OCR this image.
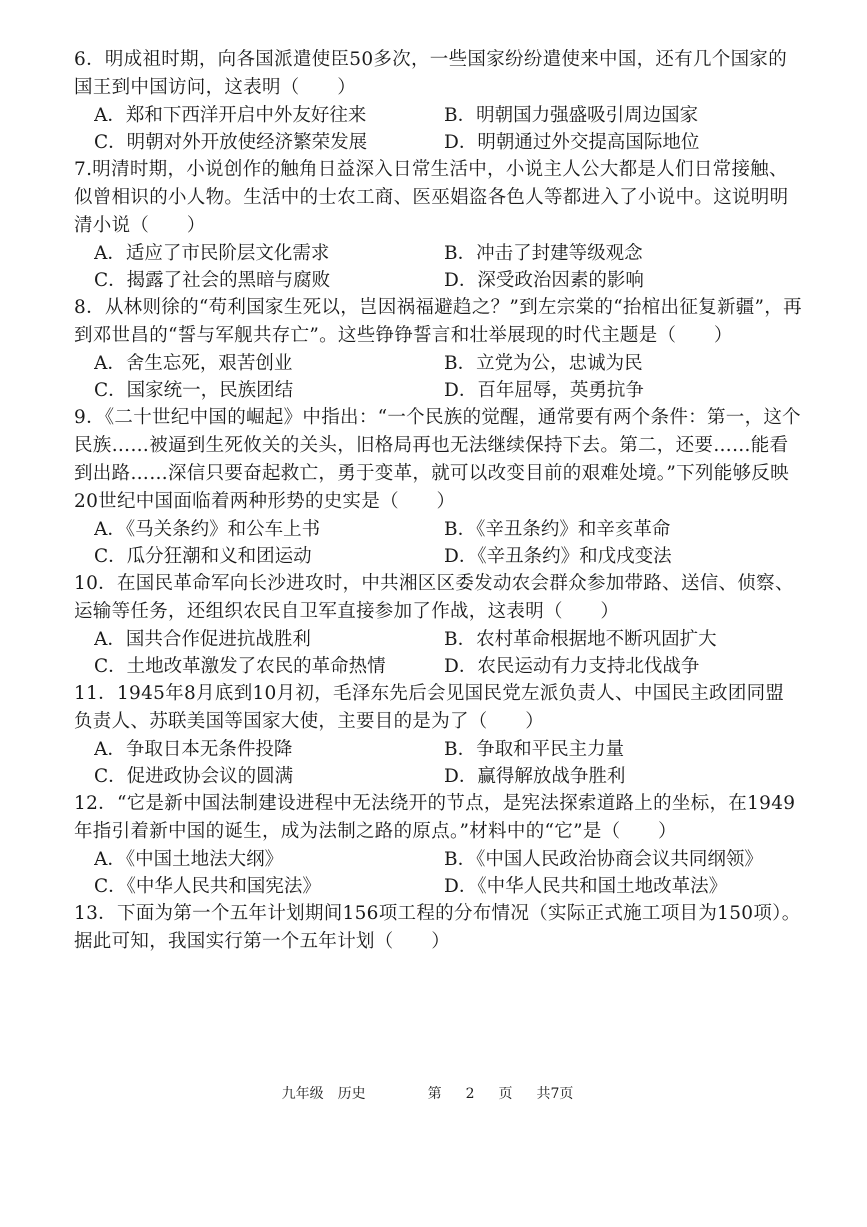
6．明成祖时期，向各国派遣使臣50多次，一些国家纷纷遣使来中国，还有几个国家的国王到中国访问，这表明（　　）
A．郑和下西洋开启中外友好往来	B．明朝国力强盛吸引周边国家
C．明朝对外开放使经济繁荣发展	D．明朝通过外交提高国际地位
7.明清时期，小说创作的触角日益深入日常生活中，小说主人公大都是人们日常接触、似曾相识的小人物。生活中的士农工商、医巫娼盗各色人等都进入了小说中。这说明明清小说（　　）
A．适应了市民阶层文化需求	B．冲击了封建等级观念
C．揭露了社会的黑暗与腐败	D．深受政治因素的影响
8．从林则徐的“苟利国家生死以，岂因祸福避趋之？”到左宗棠的“抬棺出征复新疆”，再到邓世昌的“誓与军舰共存亡”。这些铮铮誓言和壮举展现的时代主题是（　　）
A．舍生忘死，艰苦创业	B．立党为公，忠诚为民
C．国家统一，民族团结	D．百年屈辱，英勇抗争
9．《二十世纪中国的崛起》中指出：“一个民族的觉醒，通常要有两个条件：第一，这个民族……被逼到生死攸关的关头，旧格局再也无法继续保持下去。第二，还要……能看到出路……深信只要奋起救亡，勇于变革，就可以改变目前的艰难处境。”下列能够反映20世纪中国面临着两种形势的史实是（　　）
A．《马关条约》和公车上书	B．《辛丑条约》和辛亥革命
C．瓜分狂潮和义和团运动	D．《辛丑条约》和戊戌变法
10．在国民革命军向长沙进攻时，中共湘区区委发动农会群众参加带路、送信、侦察、运输等任务，还组织农民自卫军直接参加了作战，这表明（　　）
A．国共合作促进抗战胜利	B．农村革命根据地不断巩固扩大
C．土地改革激发了农民的革命热情	D．农民运动有力支持北伐战争
11．1945年8月底到10月初，毛泽东先后会见国民党左派负责人、中国民主政团同盟负责人、苏联美国等国家大使，主要目的是为了（　　）
A．争取日本无条件投降	B．争取和平民主力量
C．促进政协会议的圆满	D．赢得解放战争胜利
12．“它是新中国法制建设进程中无法绕开的节点，是宪法探索道路上的坐标，在1949年指引着新中国的诞生，成为法制之路的原点。”材料中的“它”是（　　）
A．《中国土地法大纲》	B．《中国人民政治协商会议共同纲领》
C．《中华人民共和国宪法》	D．《中华人民共和国土地改革法》
13．下面为第一个五年计划期间156项工程的分布情况（实际正式施工项目为150项）。据此可知，我国实行第一个五年计划（　　）
九年级　历史	第 2 页 共7页
